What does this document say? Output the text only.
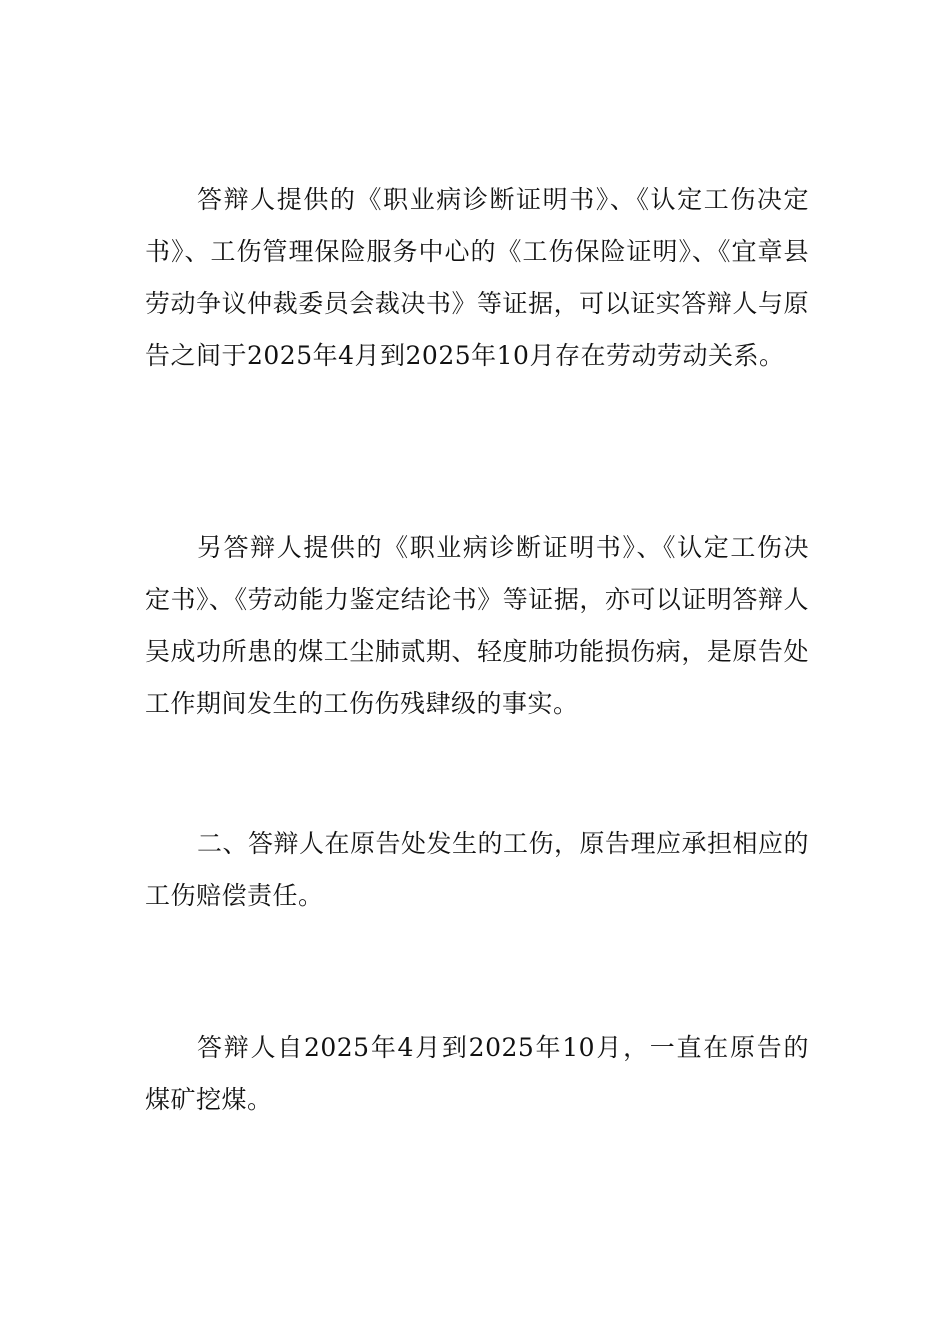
答辩人提供的《职业病诊断证明书》、《认定工伤决定书》、工伤管理保险服务中心的《工伤保险证明》、《宜章县劳动争议仲裁委员会裁决书》等证据，可以证实答辩人与原告之间于2025年4月到2025年10月存在劳动劳动关系。

另答辩人提供的《职业病诊断证明书》、《认定工伤决定书》、《劳动能力鉴定结论书》等证据，亦可以证明答辩人吴成功所患的煤工尘肺贰期、轻度肺功能损伤病，是原告处工作期间发生的工伤伤残肆级的事实。

二、答辩人在原告处发生的工伤，原告理应承担相应的工伤赔偿责任。

答辩人自2025年4月到2025年10月，一直在原告的煤矿挖煤。
